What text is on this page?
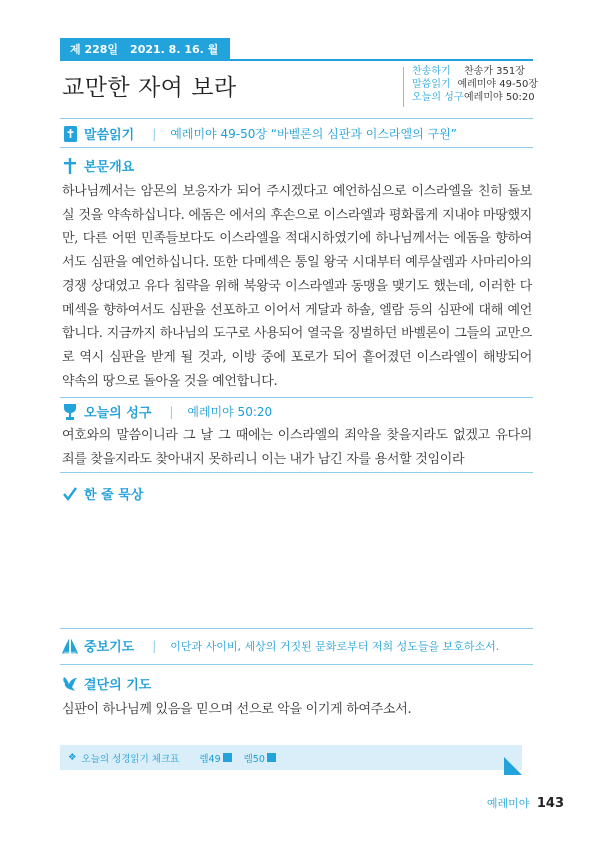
제 228일 2021. 8. 16. 월
교만한 자여 보라
찬송하기	찬송가 351장
말씀읽기 예레미야 49-50장
오늘의 성구 예레미야 50:20
말씀읽기 | 예레미야 49-50장 “바벨론의 심판과 이스라엘의 구원”
본문개요
하나님께서는 암몬의 보응자가 되어 주시겠다고 예언하심으로 이스라엘을 친히 돌보실 것을 약속하십니다. 에돔은 에서의 후손으로 이스라엘과 평화롭게 지내야 마땅했지만, 다른 어떤 민족들보다도 이스라엘을 적대시하였기에 하나님께서는 에돔을 향하여서도 심판을 예언하십니다. 또한 다메섹은 통일 왕국 시대부터 예루살렘과 사마리아의 경쟁 상대였고 유다 침략을 위해 북왕국 이스라엘과 동맹을 맺기도 했는데, 이러한 다메섹을 향하여서도 심판을 선포하고 이어서 게달과 하솔, 엘람 등의 심판에 대해 예언합니다. 지금까지 하나님의 도구로 사용되어 열국을 징벌하던 바벨론이 그들의 교만으로 역시 심판을 받게 될 것과, 이방 중에 포로가 되어 흩어졌던 이스라엘이 해방되어 약속의 땅으로 돌아올 것을 예언합니다.
오늘의 성구 | 예레미야 50:20
여호와의 말씀이니라 그 날 그 때에는 이스라엘의 죄악을 찾을지라도 없겠고 유다의 죄를 찾을지라도 찾아내지 못하리니 이는 내가 남긴 자를 용서할 것임이라
한 줄 묵상
중보기도 | 이단과 사이비, 세상의 거짓된 문화로부터 저희 성도들을 보호하소서.
결단의 기도
심판이 하나님께 있음을 믿으며 선으로 악을 이기게 하여주소서.
❖ 오늘의 성경읽기 체크표 렘49 렘50
예레미야 143
